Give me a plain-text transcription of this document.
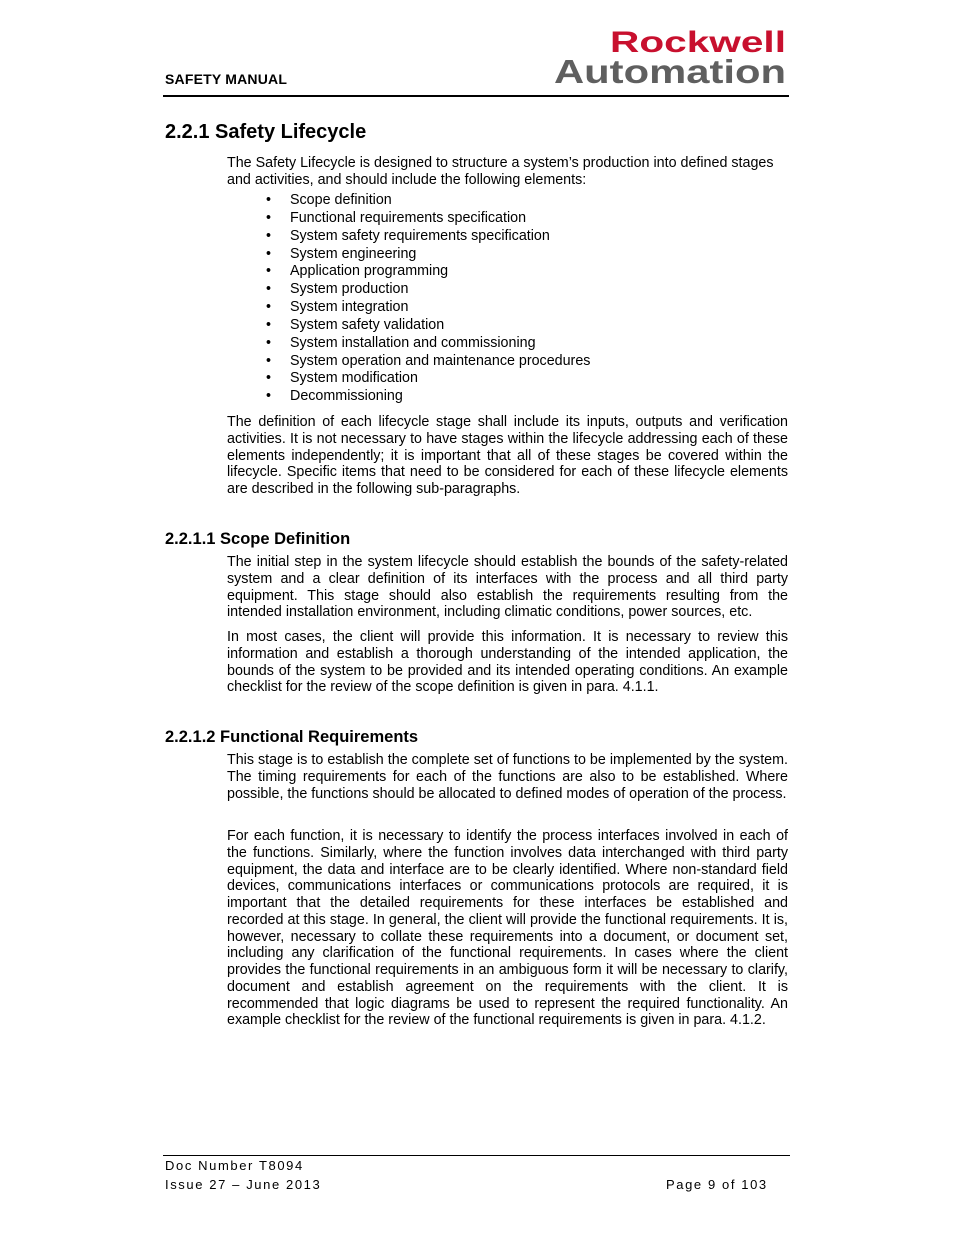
SAFETY MANUAL
Rockwell
Automation
2.2.1 Safety Lifecycle
The Safety Lifecycle is designed to structure a system’s production into defined stages and activities, and should include the following elements:
• Scope definition
• Functional requirements specification
• System safety requirements specification
• System engineering
• Application programming
• System production
• System integration
• System safety validation
• System installation and commissioning
• System operation and maintenance procedures
• System modification
• Decommissioning
The definition of each lifecycle stage shall include its inputs, outputs and verification activities. It is not necessary to have stages within the lifecycle addressing each of these elements independently; it is important that all of these stages be covered within the lifecycle. Specific items that need to be considered for each of these lifecycle elements are described in the following sub-paragraphs.
2.2.1.1 Scope Definition
The initial step in the system lifecycle should establish the bounds of the safety-related system and a clear definition of its interfaces with the process and all third party equipment. This stage should also establish the requirements resulting from the intended installation environment, including climatic conditions, power sources, etc.
In most cases, the client will provide this information. It is necessary to review this information and establish a thorough understanding of the intended application, the bounds of the system to be provided and its intended operating conditions. An example checklist for the review of the scope definition is given in para. 4.1.1.
2.2.1.2 Functional Requirements
This stage is to establish the complete set of functions to be implemented by the system. The timing requirements for each of the functions are also to be established. Where possible, the functions should be allocated to defined modes of operation of the process.
For each function, it is necessary to identify the process interfaces involved in each of the functions. Similarly, where the function involves data interchanged with third party equipment, the data and interface are to be clearly identified. Where non-standard field devices, communications interfaces or communications protocols are required, it is important that the detailed requirements for these interfaces be established and recorded at this stage. In general, the client will provide the functional requirements. It is, however, necessary to collate these requirements into a document, or document set, including any clarification of the functional requirements. In cases where the client provides the functional requirements in an ambiguous form it will be necessary to clarify, document and establish agreement on the requirements with the client. It is recommended that logic diagrams be used to represent the required functionality. An example checklist for the review of the functional requirements is given in para. 4.1.2.
Doc Number T8094
Issue 27 – June 2013	Page 9 of 103
